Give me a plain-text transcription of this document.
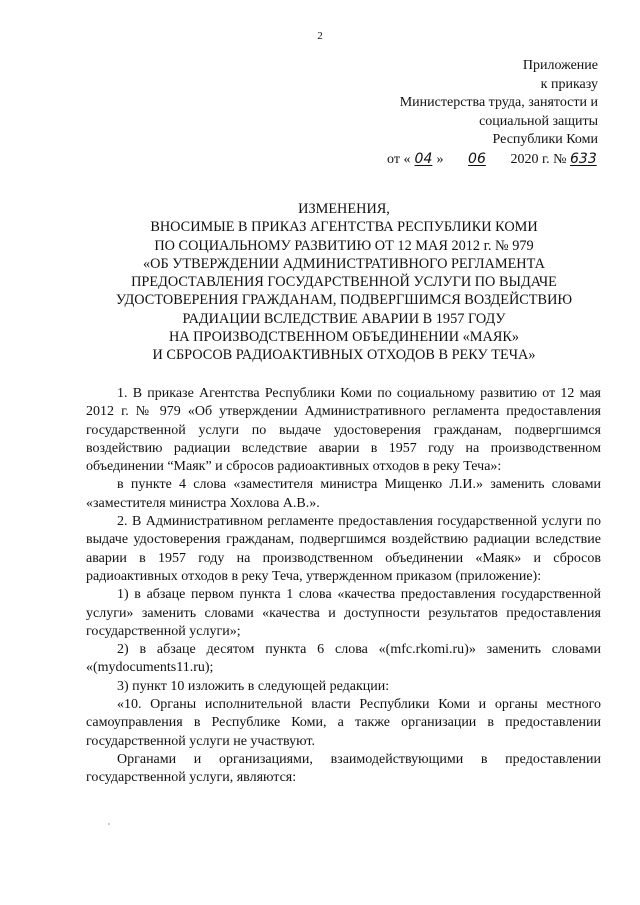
2
Приложение
к приказу
Министерства труда, занятости и
социальной защиты
Республики Коми
от « 04 » 06 2020 г. № 633
ИЗМЕНЕНИЯ,
ВНОСИМЫЕ В ПРИКАЗ АГЕНТСТВА РЕСПУБЛИКИ КОМИ
ПО СОЦИАЛЬНОМУ РАЗВИТИЮ ОТ 12 МАЯ 2012 г. № 979
«ОБ УТВЕРЖДЕНИИ АДМИНИСТРАТИВНОГО РЕГЛАМЕНТА
ПРЕДОСТАВЛЕНИЯ ГОСУДАРСТВЕННОЙ УСЛУГИ ПО ВЫДАЧЕ
УДОСТОВЕРЕНИЯ ГРАЖДАНАМ, ПОДВЕРГШИМСЯ ВОЗДЕЙСТВИЮ
РАДИАЦИИ ВСЛЕДСТВИЕ АВАРИИ В 1957 ГОДУ
НА ПРОИЗВОДСТВЕННОМ ОБЪЕДИНЕНИИ «МАЯК»
И СБРОСОВ РАДИОАКТИВНЫХ ОТХОДОВ В РЕКУ ТЕЧА»

1. В приказе Агентства Республики Коми по социальному развитию от 12 мая 2012 г. № 979 «Об утверждении Административного регламента предоставления государственной услуги по выдаче удостоверения гражданам, подвергшимся воздействию радиации вследствие аварии в 1957 году на производственном объединении “Маяк” и сбросов радиоактивных отходов в реку Теча»:

в пункте 4 слова «заместителя министра Мищенко Л.И.» заменить словами «заместителя министра Хохлова А.В.».

2. В Административном регламенте предоставления государственной услуги по выдаче удостоверения гражданам, подвергшимся воздействию радиации вследствие аварии в 1957 году на производственном объединении «Маяк» и сбросов радиоактивных отходов в реку Теча, утвержденном приказом (приложение):

1) в абзаце первом пункта 1 слова «качества предоставления государственной услуги» заменить словами «качества и доступности результатов предоставления государственной услуги»;

2) в абзаце десятом пункта 6 слова «(mfc.rkomi.ru)» заменить словами «(mydocuments11.ru);

3) пункт 10 изложить в следующей редакции:

«10. Органы исполнительной власти Республики Коми и органы местного самоуправления в Республике Коми, а также организации в предоставлении государственной услуги не участвуют.

Органами и организациями, взаимодействующими в предоставлении государственной услуги, являются:
